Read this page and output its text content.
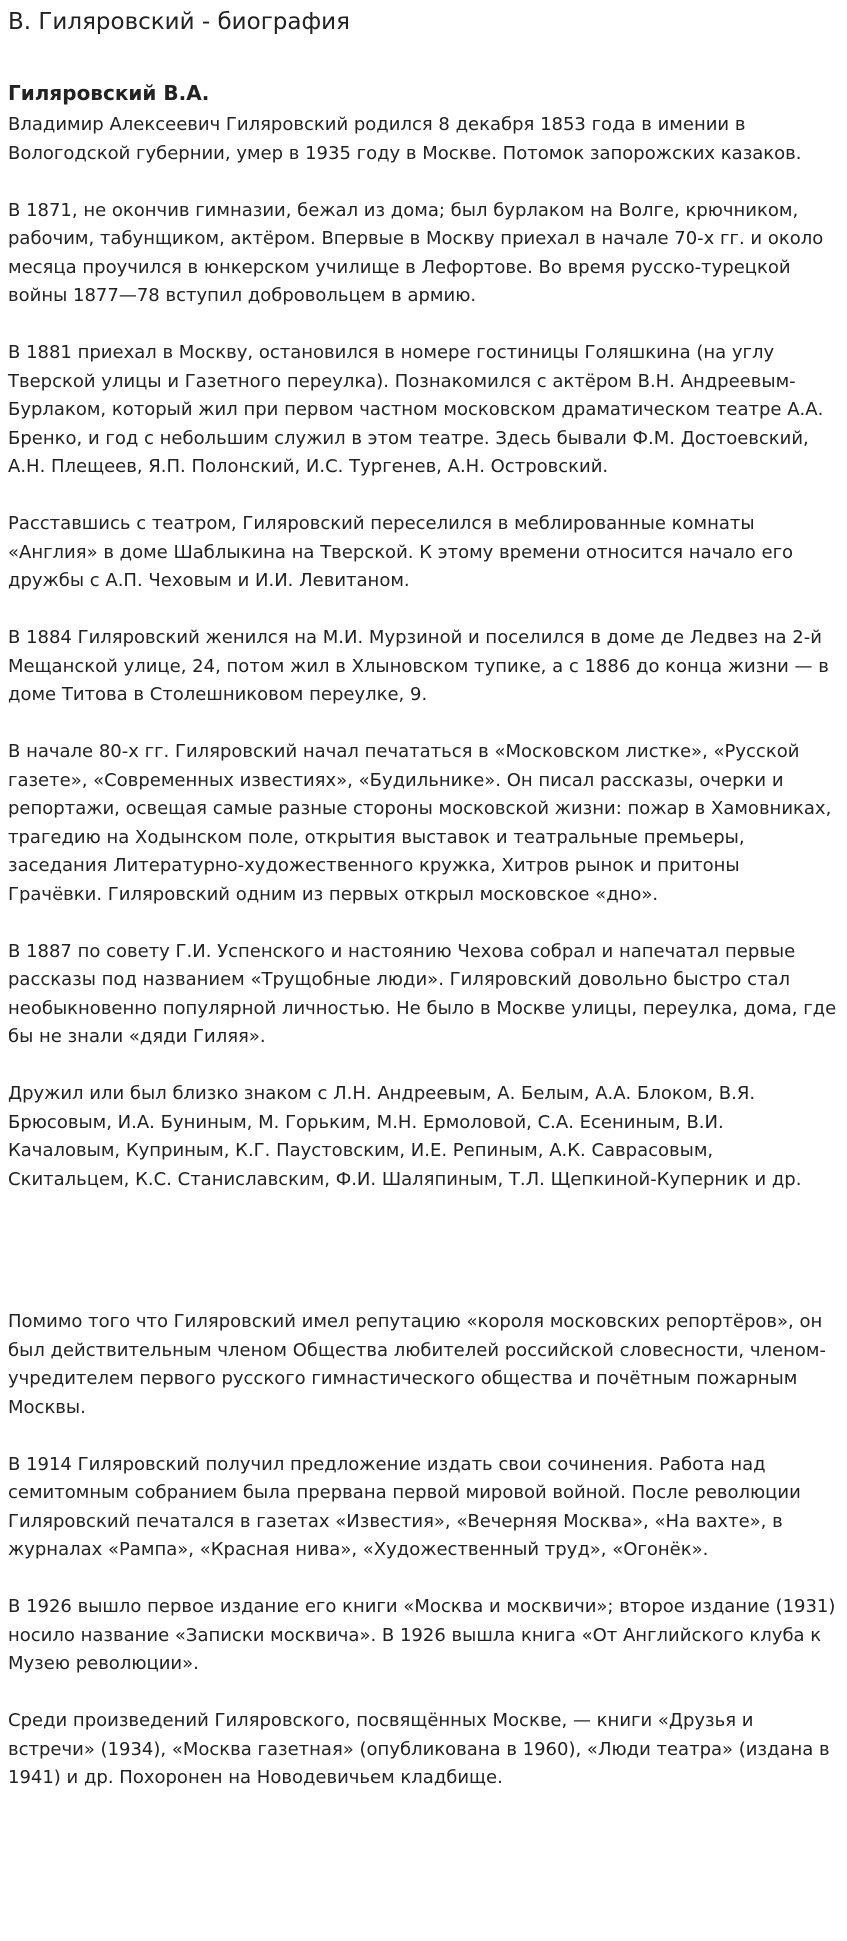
В. Гиляровский - биография
Гиляровский В.А.

Владимир Алексеевич Гиляровский родился 8 декабря 1853 года в имении в Вологодской губернии, умер в 1935 году в Москве. Потомок запорожских казаков.

В 1871, не окончив гимназии, бежал из дома; был бурлаком на Волге, крючником, рабочим, табунщиком, актёром. Впервые в Москву приехал в начале 70-х гг. и около месяца проучился в юнкерском училище в Лефортове. Во время русско-турецкой войны 1877—78 вступил добровольцем в армию.

В 1881 приехал в Москву, остановился в номере гостиницы Голяшкина (на углу Тверской улицы и Газетного переулка). Познакомился с актёром В.Н. Андреевым-Бурлаком, который жил при первом частном московском драматическом театре А.А. Бренко, и год с небольшим служил в этом театре. Здесь бывали Ф.М. Достоевский, А.Н. Плещеев, Я.П. Полонский, И.С. Тургенев, А.Н. Островский.

Расставшись с театром, Гиляровский переселился в меблированные комнаты «Англия» в доме Шаблыкина на Тверской. К этому времени относится начало его дружбы с А.П. Чеховым и И.И. Левитаном.

В 1884 Гиляровский женился на М.И. Мурзиной и поселился в доме де Ледвез на 2-й Мещанской улице, 24, потом жил в Хлыновском тупике, а с 1886 до конца жизни — в доме Титова в Столешниковом переулке, 9.

В начале 80-х гг. Гиляровский начал печататься в «Московском листке», «Русской газете», «Современных известиях», «Будильнике». Он писал рассказы, очерки и репортажи, освещая самые разные стороны московской жизни: пожар в Хамовниках, трагедию на Ходынском поле, открытия выставок и театральные премьеры, заседания Литературно-художественного кружка, Хитров рынок и притоны Грачёвки. Гиляровский одним из первых открыл московское «дно».

В 1887 по совету Г.И. Успенского и настоянию Чехова собрал и напечатал первые рассказы под названием «Трущобные люди». Гиляровский довольно быстро стал необыкновенно популярной личностью. Не было в Москве улицы, переулка, дома, где бы не знали «дяди Гиляя».

Дружил или был близко знаком с Л.Н. Андреевым, А. Белым, А.А. Блоком, В.Я. Брюсовым, И.А. Буниным, М. Горьким, М.Н. Ермоловой, С.А. Есениным, В.И. Качаловым, Куприным, К.Г. Паустовским, И.Е. Репиным, А.К. Саврасовым, Скитальцем, К.С. Станиславским, Ф.И. Шаляпиным, Т.Л. Щепкиной-Куперник и др.

Помимо того что Гиляровский имел репутацию «короля московских репортёров», он был действительным членом Общества любителей российской словесности, членом-учредителем первого русского гимнастического общества и почётным пожарным Москвы.

В 1914 Гиляровский получил предложение издать свои сочинения. Работа над семитомным собранием была прервана первой мировой войной. После революции Гиляровский печатался в газетах «Известия», «Вечерняя Москва», «На вахте», в журналах «Рампа», «Красная нива», «Художественный труд», «Огонёк».

В 1926 вышло первое издание его книги «Москва и москвичи»; второе издание (1931) носило название «Записки москвича». В 1926 вышла книга «От Английского клуба к Музею революции».

Среди произведений Гиляровского, посвящённых Москве, — книги «Друзья и встречи» (1934), «Москва газетная» (опубликована в 1960), «Люди театра» (издана в 1941) и др. Похоронен на Новодевичьем кладбище.
